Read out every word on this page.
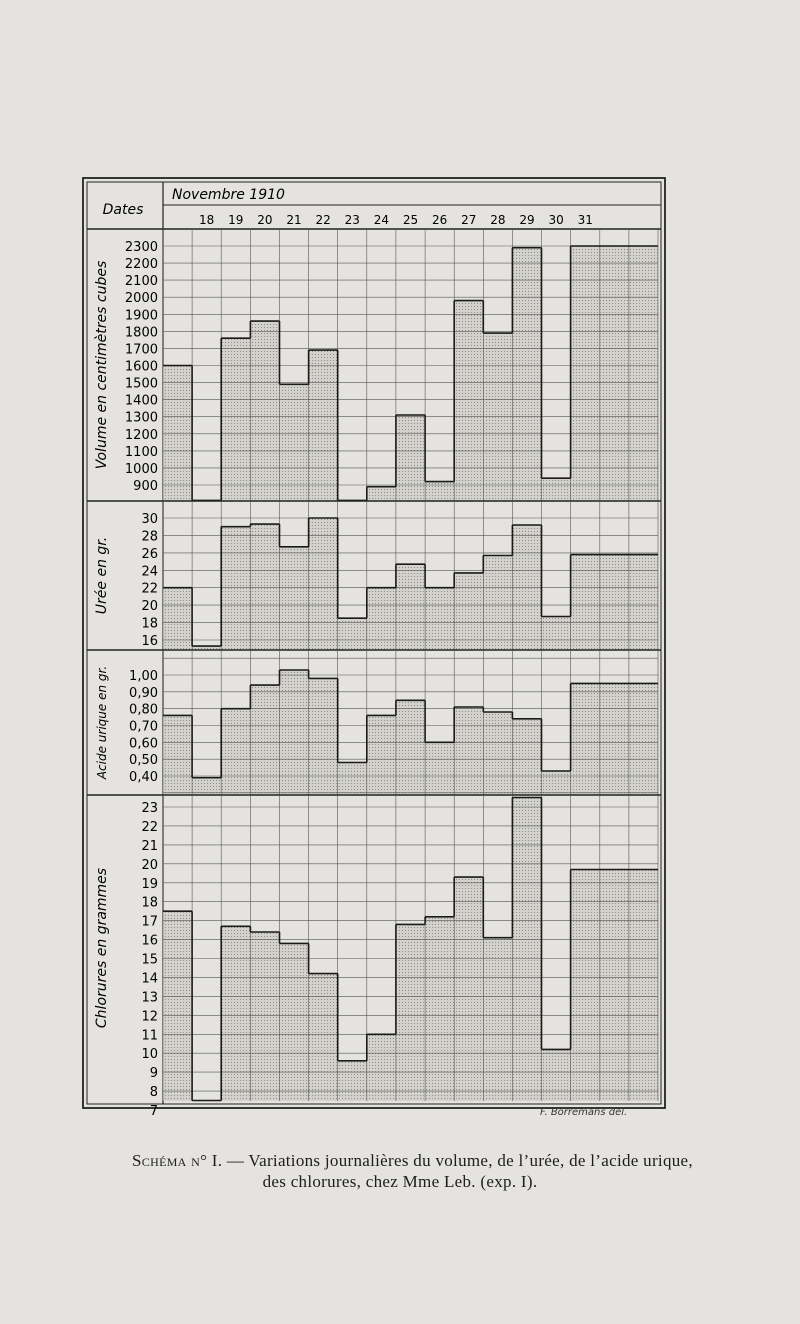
Dates
Novembre 1910
18 19 20 21 22 23 24 25 26 27 28 29 30 31
2300
2200
2100
2000
1900
1800
1700
1600
1500
1400
1300
1200
1100
1000
900
Volume en centimètres cubes
30
28
26
24
22
20
18
16
Urée en gr.
1,00
0,90
0,80
0,70
0,60
0,50
0,40
Acide urique en gr.
23
22
21
20
19
18
17
16
15
14
13
12
11
10
9
8
7
Chlorures en grammes
F. Borremans del.
Schéma n° I. — Variations journalières du volume, de l’urée, de l’acide urique,
des chlorures, chez Mme Leb. (exp. I).
